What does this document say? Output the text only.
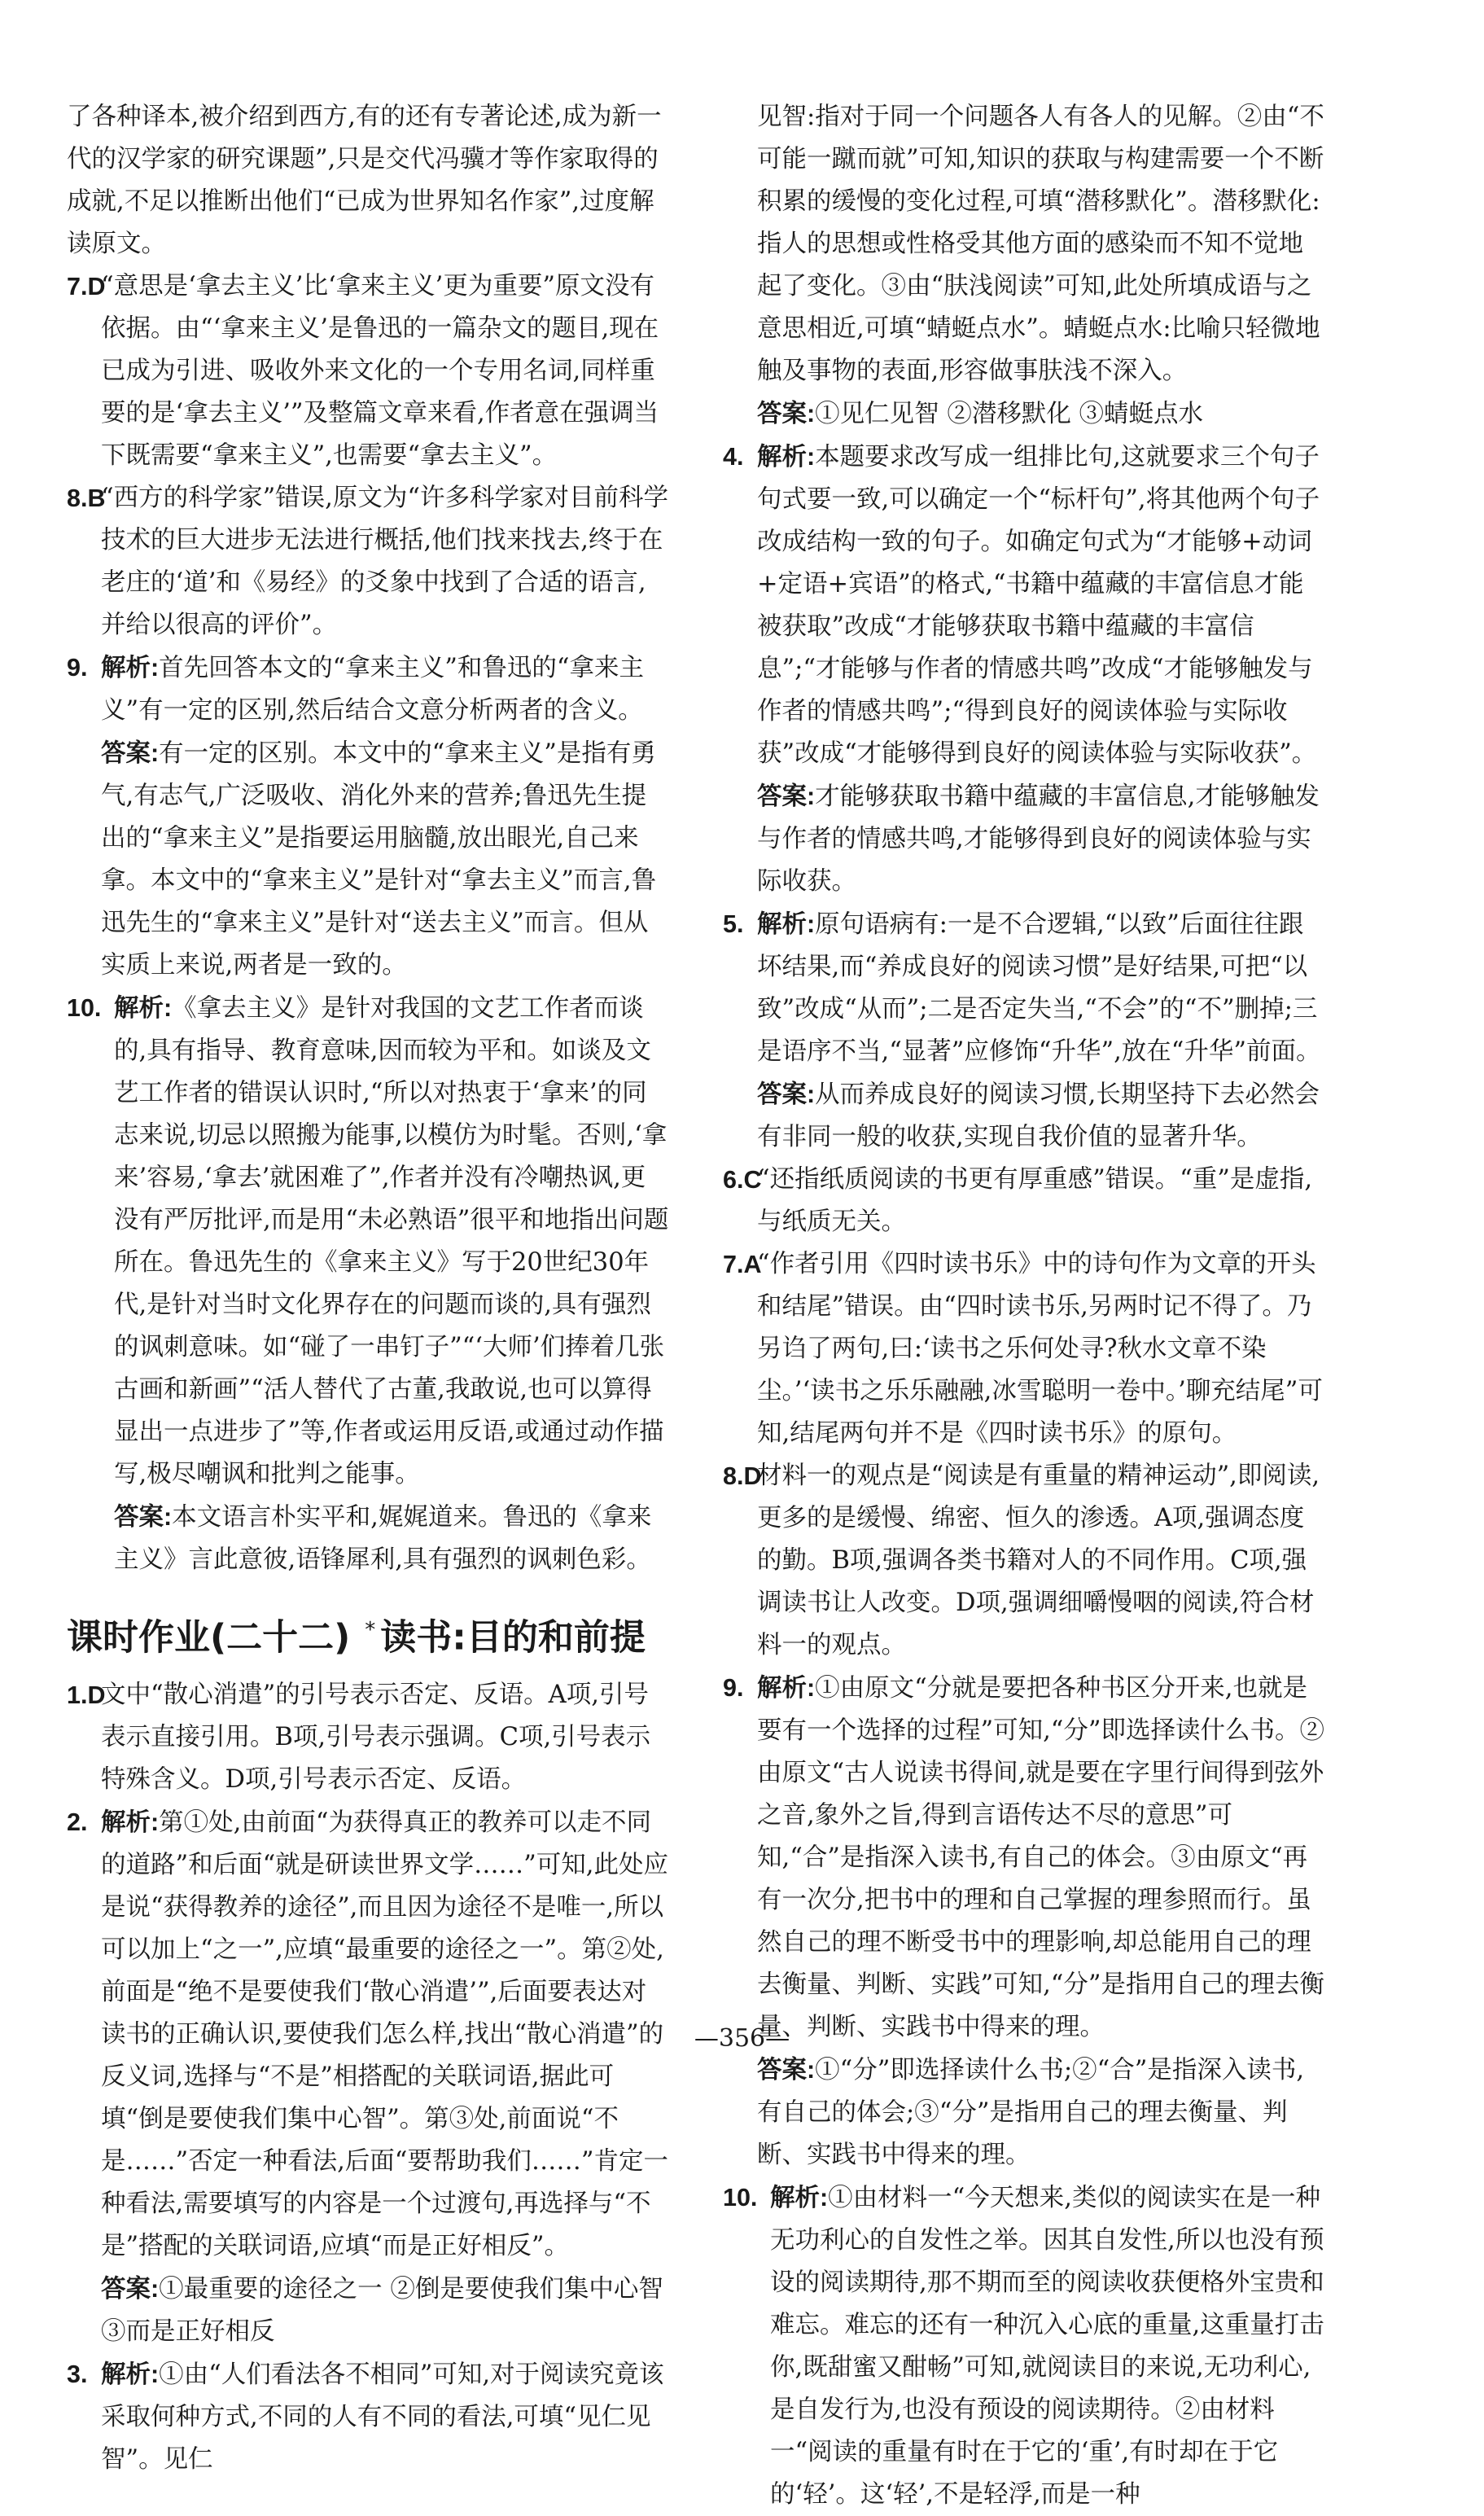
了各种译本,被介绍到西方,有的还有专著论述,成为新一代的汉学家的研究课题”,只是交代冯骥才等作家取得的成就,不足以推断出他们“已成为世界知名作家”,过度解读原文。
7.D
“意思是‘拿去主义’比‘拿来主义’更为重要”原文没有依据。由“‘拿来主义’是鲁迅的一篇杂文的题目,现在已成为引进、吸收外来文化的一个专用名词,同样重要的是‘拿去主义’”及整篇文章来看,作者意在强调当下既需要“拿来主义”,也需要“拿去主义”。
8.B
“西方的科学家”错误,原文为“许多科学家对目前科学技术的巨大进步无法进行概括,他们找来找去,终于在老庄的‘道’和《易经》的爻象中找到了合适的语言,并给以很高的评价”。
9. 解析:首先回答本文的“拿来主义”和鲁迅的“拿来主义”有一定的区别,然后结合文意分析两者的含义。
答案:有一定的区别。本文中的“拿来主义”是指有勇气,有志气,广泛吸收、消化外来的营养;鲁迅先生提出的“拿来主义”是指要运用脑髓,放出眼光,自己来拿。本文中的“拿来主义”是针对“拿去主义”而言,鲁迅先生的“拿来主义”是针对“送去主义”而言。但从实质上来说,两者是一致的。
10. 解析:《拿去主义》是针对我国的文艺工作者而谈的,具有指导、教育意味,因而较为平和。如谈及文艺工作者的错误认识时,“所以对热衷于‘拿来’的同志来说,切忌以照搬为能事,以模仿为时髦。否则,‘拿来’容易,‘拿去’就困难了”,作者并没有冷嘲热讽,更没有严厉批评,而是用“未必熟语”很平和地指出问题所在。鲁迅先生的《拿来主义》写于20世纪30年代,是针对当时文化界存在的问题而谈的,具有强烈的讽刺意味。如“碰了一串钉子”“‘大师’们捧着几张古画和新画”“活人替代了古董,我敢说,也可以算得显出一点进步了”等,作者或运用反语,或通过动作描写,极尽嘲讽和批判之能事。
答案:本文语言朴实平和,娓娓道来。鲁迅的《拿来主义》言此意彼,语锋犀利,具有强烈的讽刺色彩。
课时作业(二十二) * 读书:目的和前提
1.D
文中“散心消遣”的引号表示否定、反语。A项,引号表示直接引用。B项,引号表示强调。C项,引号表示特殊含义。D项,引号表示否定、反语。
2. 解析:第①处,由前面“为获得真正的教养可以走不同的道路”和后面“就是研读世界文学……”可知,此处应是说“获得教养的途径”,而且因为途径不是唯一,所以可以加上“之一”,应填“最重要的途径之一”。第②处,前面是“绝不是要使我们‘散心消遣’”,后面要表达对读书的正确认识,要使我们怎么样,找出“散心消遣”的反义词,选择与“不是”相搭配的关联词语,据此可填“倒是要使我们集中心智”。第③处,前面说“不是……”否定一种看法,后面“要帮助我们……”肯定一种看法,需要填写的内容是一个过渡句,再选择与“不是”搭配的关联词语,应填“而是正好相反”。
答案:①最重要的途径之一 ②倒是要使我们集中心智
③而是正好相反
3. 解析:①由“人们看法各不相同”可知,对于阅读究竟该采取何种方式,不同的人有不同的看法,可填“见仁见智”。见仁
见智:指对于同一个问题各人有各人的见解。②由“不可能一蹴而就”可知,知识的获取与构建需要一个不断积累的缓慢的变化过程,可填“潜移默化”。潜移默化:指人的思想或性格受其他方面的感染而不知不觉地起了变化。③由“肤浅阅读”可知,此处所填成语与之意思相近,可填“蜻蜓点水”。蜻蜓点水:比喻只轻微地触及事物的表面,形容做事肤浅不深入。
答案:①见仁见智 ②潜移默化 ③蜻蜓点水
4. 解析:本题要求改写成一组排比句,这就要求三个句子句式要一致,可以确定一个“标杆句”,将其他两个句子改成结构一致的句子。如确定句式为“才能够+动词+定语+宾语”的格式,“书籍中蕴藏的丰富信息才能被获取”改成“才能够获取书籍中蕴藏的丰富信息”;“才能够与作者的情感共鸣”改成“才能够触发与作者的情感共鸣”;“得到良好的阅读体验与实际收获”改成“才能够得到良好的阅读体验与实际收获”。
答案:才能够获取书籍中蕴藏的丰富信息,才能够触发与作者的情感共鸣,才能够得到良好的阅读体验与实际收获。
5. 解析:原句语病有:一是不合逻辑,“以致”后面往往跟坏结果,而“养成良好的阅读习惯”是好结果,可把“以致”改成“从而”;二是否定失当,“不会”的“不”删掉;三是语序不当,“显著”应修饰“升华”,放在“升华”前面。
答案:从而养成良好的阅读习惯,长期坚持下去必然会有非同一般的收获,实现自我价值的显著升华。
6.C
“还指纸质阅读的书更有厚重感”错误。“重”是虚指,与纸质无关。
7.A
“作者引用《四时读书乐》中的诗句作为文章的开头和结尾”错误。由“四时读书乐,另两时记不得了。乃另诌了两句,曰:‘读书之乐何处寻?秋水文章不染尘。’‘读书之乐乐融融,冰雪聪明一卷中。’聊充结尾”可知,结尾两句并不是《四时读书乐》的原句。
8.D
材料一的观点是“阅读是有重量的精神运动”,即阅读,更多的是缓慢、绵密、恒久的渗透。A项,强调态度的勤。B项,强调各类书籍对人的不同作用。C项,强调读书让人改变。D项,强调细嚼慢咽的阅读,符合材料一的观点。
9. 解析:①由原文“分就是要把各种书区分开来,也就是要有一个选择的过程”可知,“分”即选择读什么书。②由原文“古人说读书得间,就是要在字里行间得到弦外之音,象外之旨,得到言语传达不尽的意思”可知,“合”是指深入读书,有自己的体会。③由原文“再有一次分,把书中的理和自己掌握的理参照而行。虽然自己的理不断受书中的理影响,却总能用自己的理去衡量、判断、实践”可知,“分”是指用自己的理去衡量、判断、实践书中得来的理。
答案:①“分”即选择读什么书;②“合”是指深入读书,有自己的体会;③“分”是指用自己的理去衡量、判断、实践书中得来的理。
10. 解析:①由材料一“今天想来,类似的阅读实在是一种无功利心的自发性之举。因其自发性,所以也没有预设的阅读期待,那不期而至的阅读收获便格外宝贵和难忘。难忘的还有一种沉入心底的重量,这重量打击你,既甜蜜又酣畅”可知,就阅读目的来说,无功利心,是自发行为,也没有预设的阅读期待。②由材料一“阅读的重量有时在于它的‘重’,有时却在于它的‘轻’。这‘轻’,不是轻浮,而是一种
—356—
